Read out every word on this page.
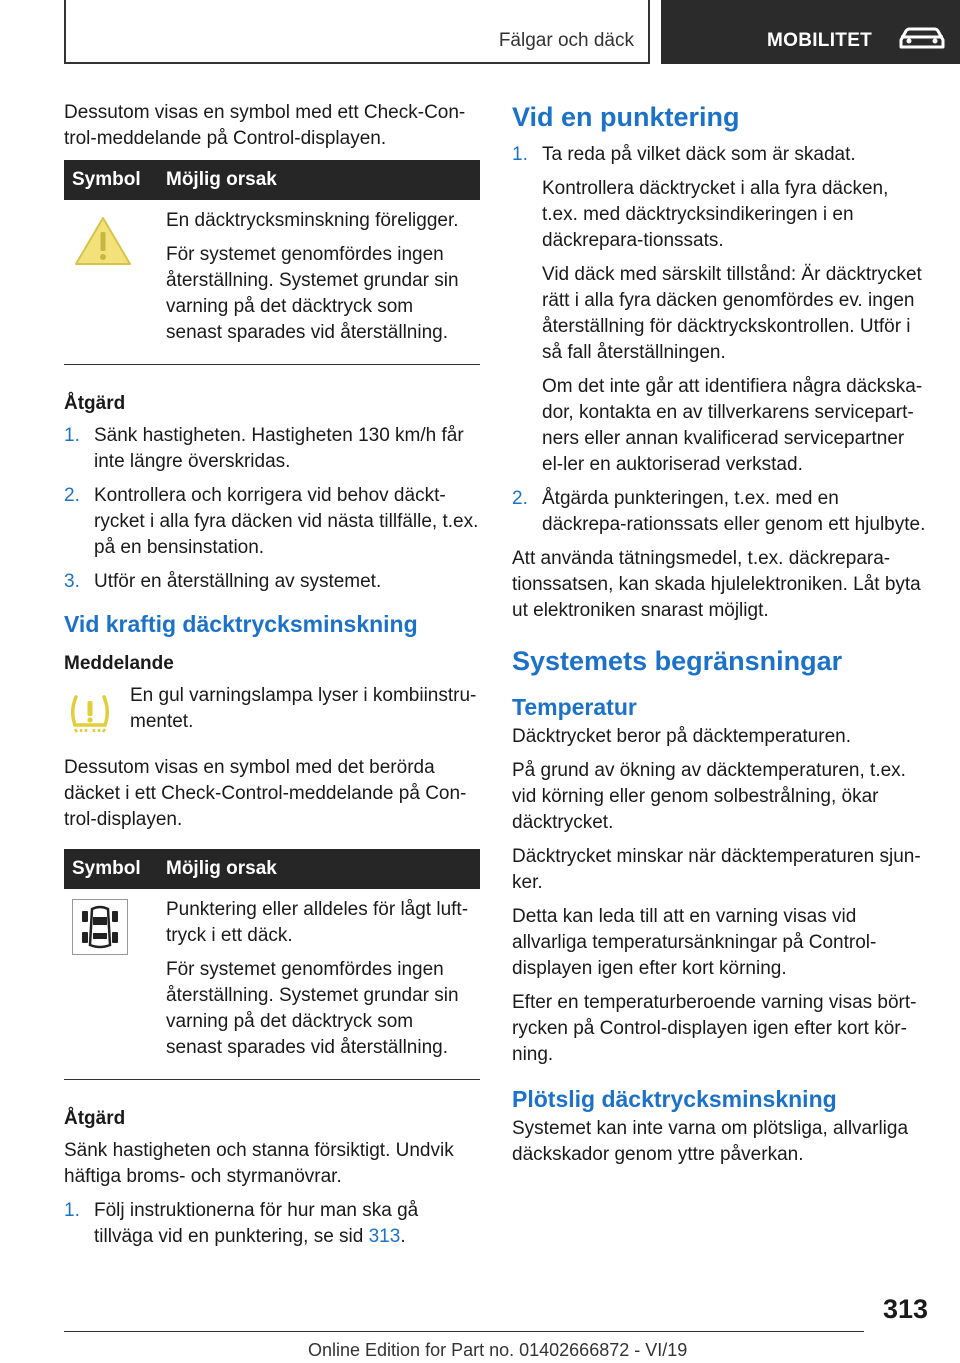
Fälgar och däck	MOBILITET

Dessutom visas en symbol med ett Check-Con-trol-meddelande på Control-displayen.

Symbol	Möjlig orsak

En däcktrycksminskning föreligger.

För systemet genomfördes ingen återställning. Systemet grundar sin varning på det däcktryck som senast sparades vid återställning.

Åtgärd
1. Sänk hastigheten. Hastigheten 130 km/h får inte längre överskridas.
2. Kontrollera och korrigera vid behov däckt-rycket i alla fyra däcken vid nästa tillfälle, t.ex. på en bensinstation.
3. Utför en återställning av systemet.
Vid kraftig däcktrycksminskning
Meddelande
En gul varningslampa lyser i kombiinstru-mentet.

Dessutom visas en symbol med det berörda däcket i ett Check-Control-meddelande på Con-trol-displayen.

Symbol	Möjlig orsak

Punktering eller alldeles för lågt luft-tryck i ett däck.

För systemet genomfördes ingen återställning. Systemet grundar sin varning på det däcktryck som senast sparades vid återställning.

Åtgärd

Sänk hastigheten och stanna försiktigt. Undvik häftiga broms- och styrmanövrar.

1. Följ instruktionerna för hur man ska gå tillväga vid en punktering, se sid 313.
Vid en punktering
1. Ta reda på vilket däck som är skadat.

Kontrollera däcktrycket i alla fyra däcken, t.ex. med däcktrycksindikeringen i en däckrepara-tionssats.

Vid däck med särskilt tillstånd: Är däcktrycket rätt i alla fyra däcken genomfördes ev. ingen återställning för däcktryckskontrollen. Utför i så fall återställningen.

Om det inte går att identifiera några däckska-dor, kontakta en av tillverkarens servicepart-ners eller annan kvalificerad servicepartner el-ler en auktoriserad verkstad.

2. Åtgärda punkteringen, t.ex. med en däckrepa-rationssats eller genom ett hjulbyte.

Att använda tätningsmedel, t.ex. däckrepara-tionssatsen, kan skada hjulelektroniken. Låt byta ut elektroniken snarast möjligt.

Systemets begränsningar
Temperatur

Däcktrycket beror på däcktemperaturen.

På grund av ökning av däcktemperaturen, t.ex. vid körning eller genom solbestrålning, ökar däcktrycket.

Däcktrycket minskar när däcktemperaturen sjun-ker.

Detta kan leda till att en varning visas vid allvarliga temperatursänkningar på Control-displayen igen efter kort körning.

Efter en temperaturberoende varning visas bört-rycken på Control-displayen igen efter kort kör-ning.

Plötslig däcktrycksminskning

Systemet kan inte varna om plötsliga, allvarliga däckskador genom yttre påverkan.

313
Online Edition for Part no. 01402666872 - VI/19
